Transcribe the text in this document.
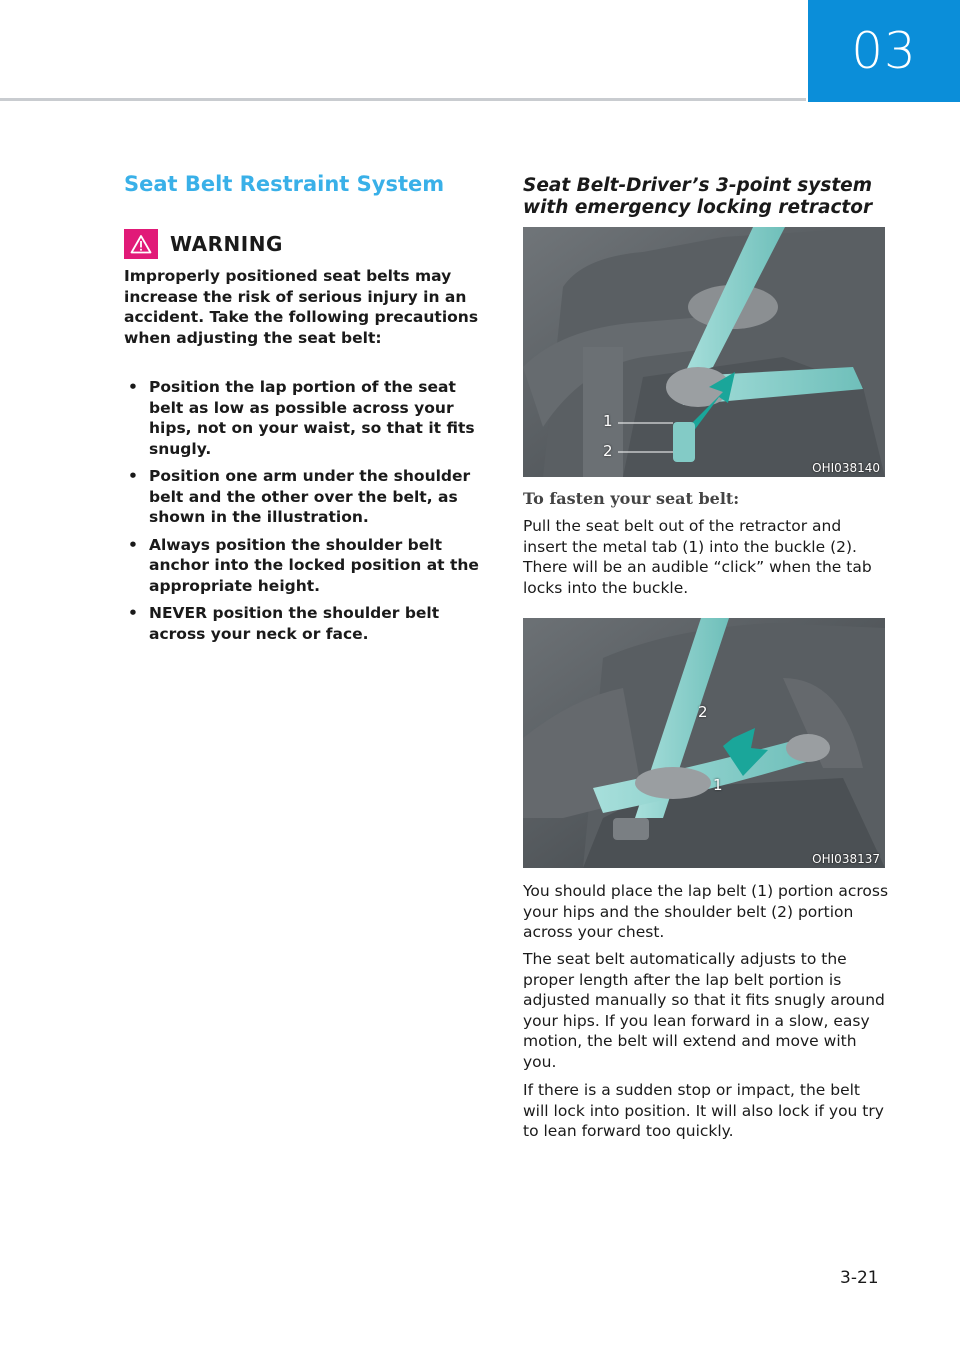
03
Seat Belt Restraint System
WARNING

Improperly positioned seat belts may increase the risk of serious injury in an accident. Take the following precautions when adjusting the seat belt:

• Position the lap portion of the seat belt as low as possible across your hips, not on your waist, so that it fits snugly.
• Position one arm under the shoulder belt and the other over the belt, as shown in the illustration.
• Always position the shoulder belt anchor into the locked position at the appropriate height.
• NEVER position the shoulder belt across your neck or face.
Seat Belt-Driver’s 3-point system with emergency locking retractor
1
2
OHI038140
To fasten your seat belt:

Pull the seat belt out of the retractor and insert the metal tab (1) into the buckle (2). There will be an audible “click” when the tab locks into the buckle.

2
1
OHI038137

You should place the lap belt (1) portion across your hips and the shoulder belt (2) portion across your chest.

The seat belt automatically adjusts to the proper length after the lap belt portion is adjusted manually so that it fits snugly around your hips. If you lean forward in a slow, easy motion, the belt will extend and move with you.

If there is a sudden stop or impact, the belt will lock into position. It will also lock if you try to lean forward too quickly.

3-21
